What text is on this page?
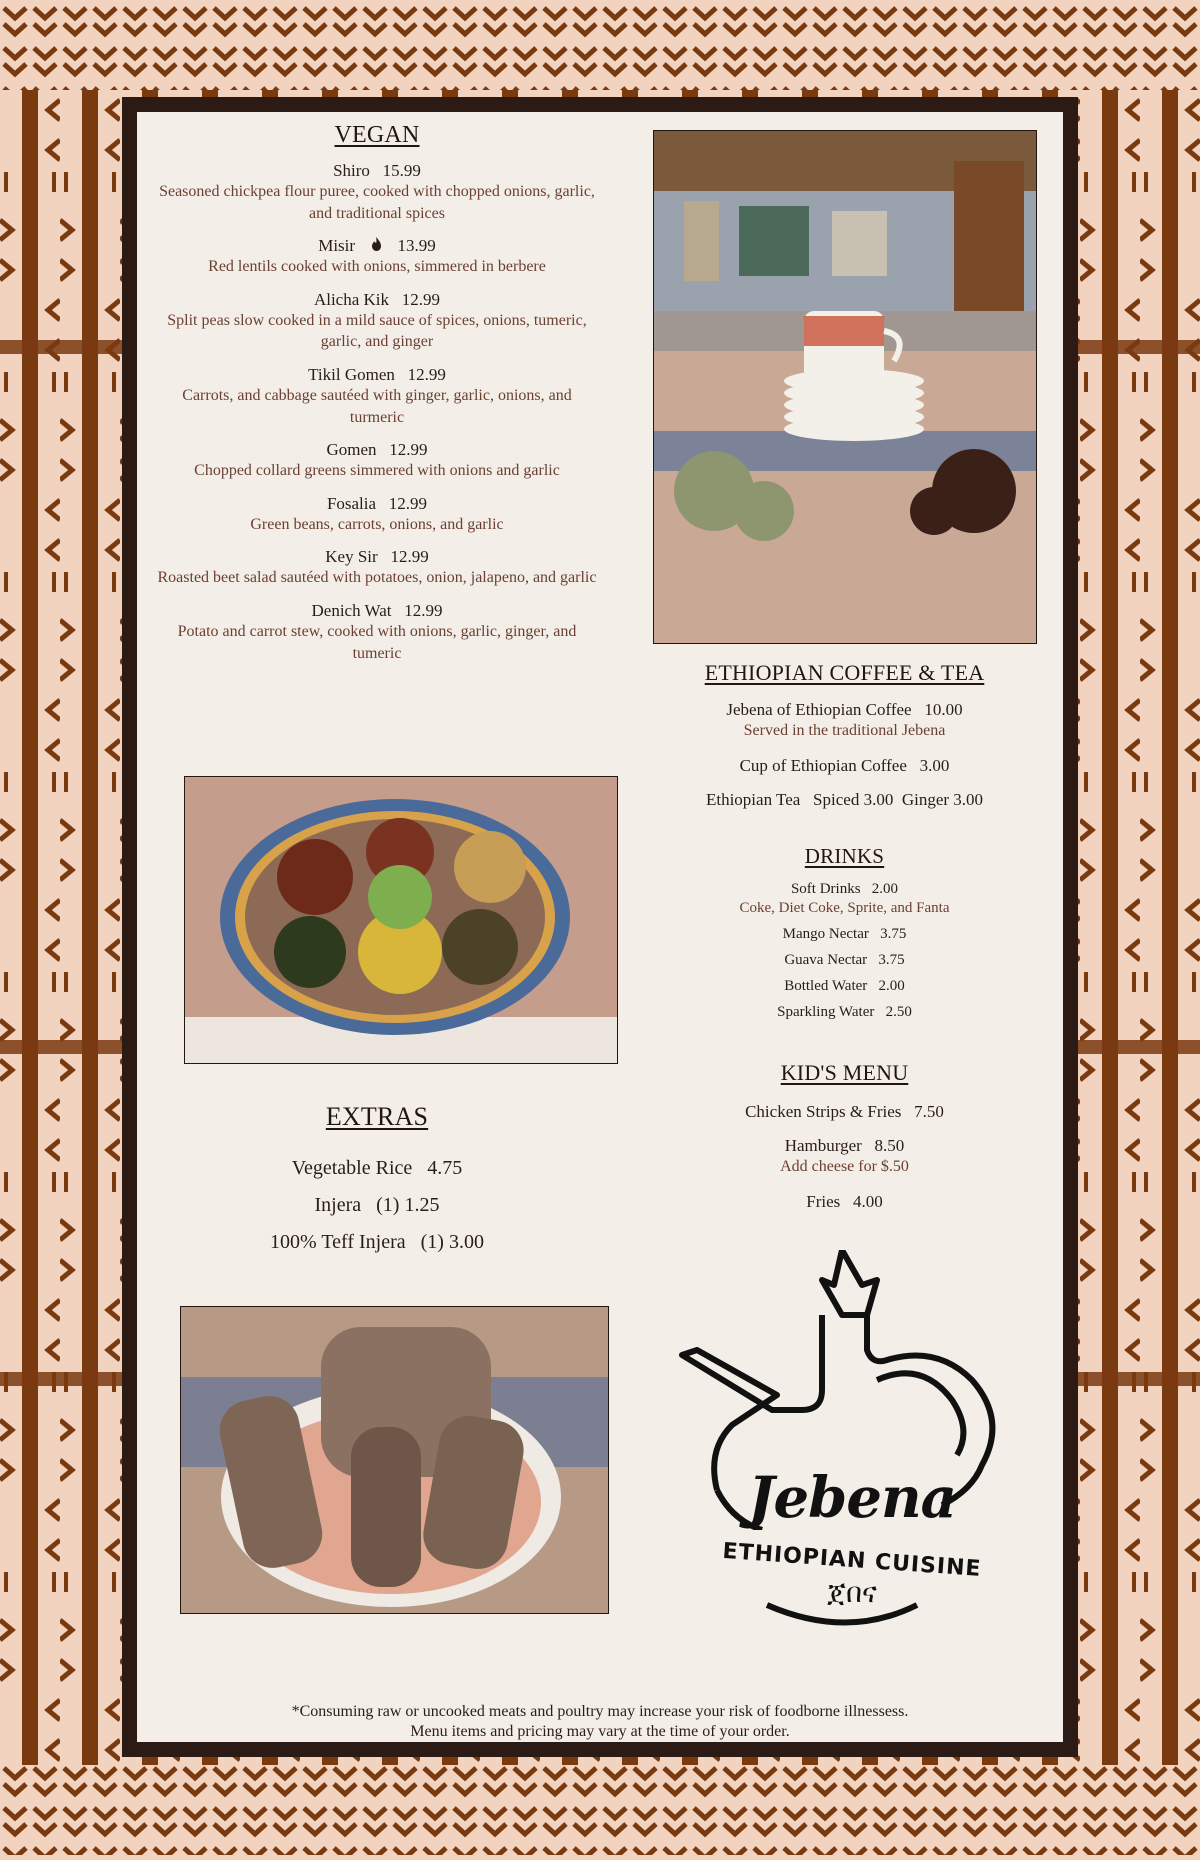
VEGAN
Shiro   15.99
Seasoned chickpea flour puree, cooked with chopped onions, garlic, and traditional spices
Misir	13.99
Red lentils cooked with onions, simmered in berbere
Alicha Kik   12.99
Split peas slow cooked in a mild sauce of spices, onions, tumeric, garlic, and ginger
Tikil Gomen   12.99
Carrots, and cabbage sautéed with ginger, garlic, onions, and turmeric
Gomen   12.99
Chopped collard greens simmered with onions and garlic
Fosalia   12.99
Green beans, carrots, onions, and garlic
Key Sir   12.99
Roasted beet salad sautéed with potatoes, onion, jalapeno, and garlic
Denich Wat   12.99
Potato and carrot stew, cooked with onions, garlic, ginger, and tumeric
EXTRAS
Vegetable Rice   4.75
Injera   (1) 1.25
100% Teff Injera   (1) 3.00
ETHIOPIAN COFFEE & TEA
Jebena of Ethiopian Coffee   10.00
Served in the traditional Jebena
Cup of Ethiopian Coffee   3.00
Ethiopian Tea   Spiced 3.00  Ginger 3.00
DRINKS
Soft Drinks   2.00
Coke, Diet Coke, Sprite, and Fanta
Mango Nectar   3.75
Guava Nectar   3.75
Bottled Water   2.00
Sparkling Water   2.50
KID'S MENU
Chicken Strips & Fries   7.50
Hamburger   8.50
Add cheese for $.50
Fries   4.00
Jebena
ETHIOPIAN CUISINE
ጀበና
*Consuming raw or uncooked meats and poultry may increase your risk of foodborne illnessess.
Menu items and pricing may vary at the time of your order.
